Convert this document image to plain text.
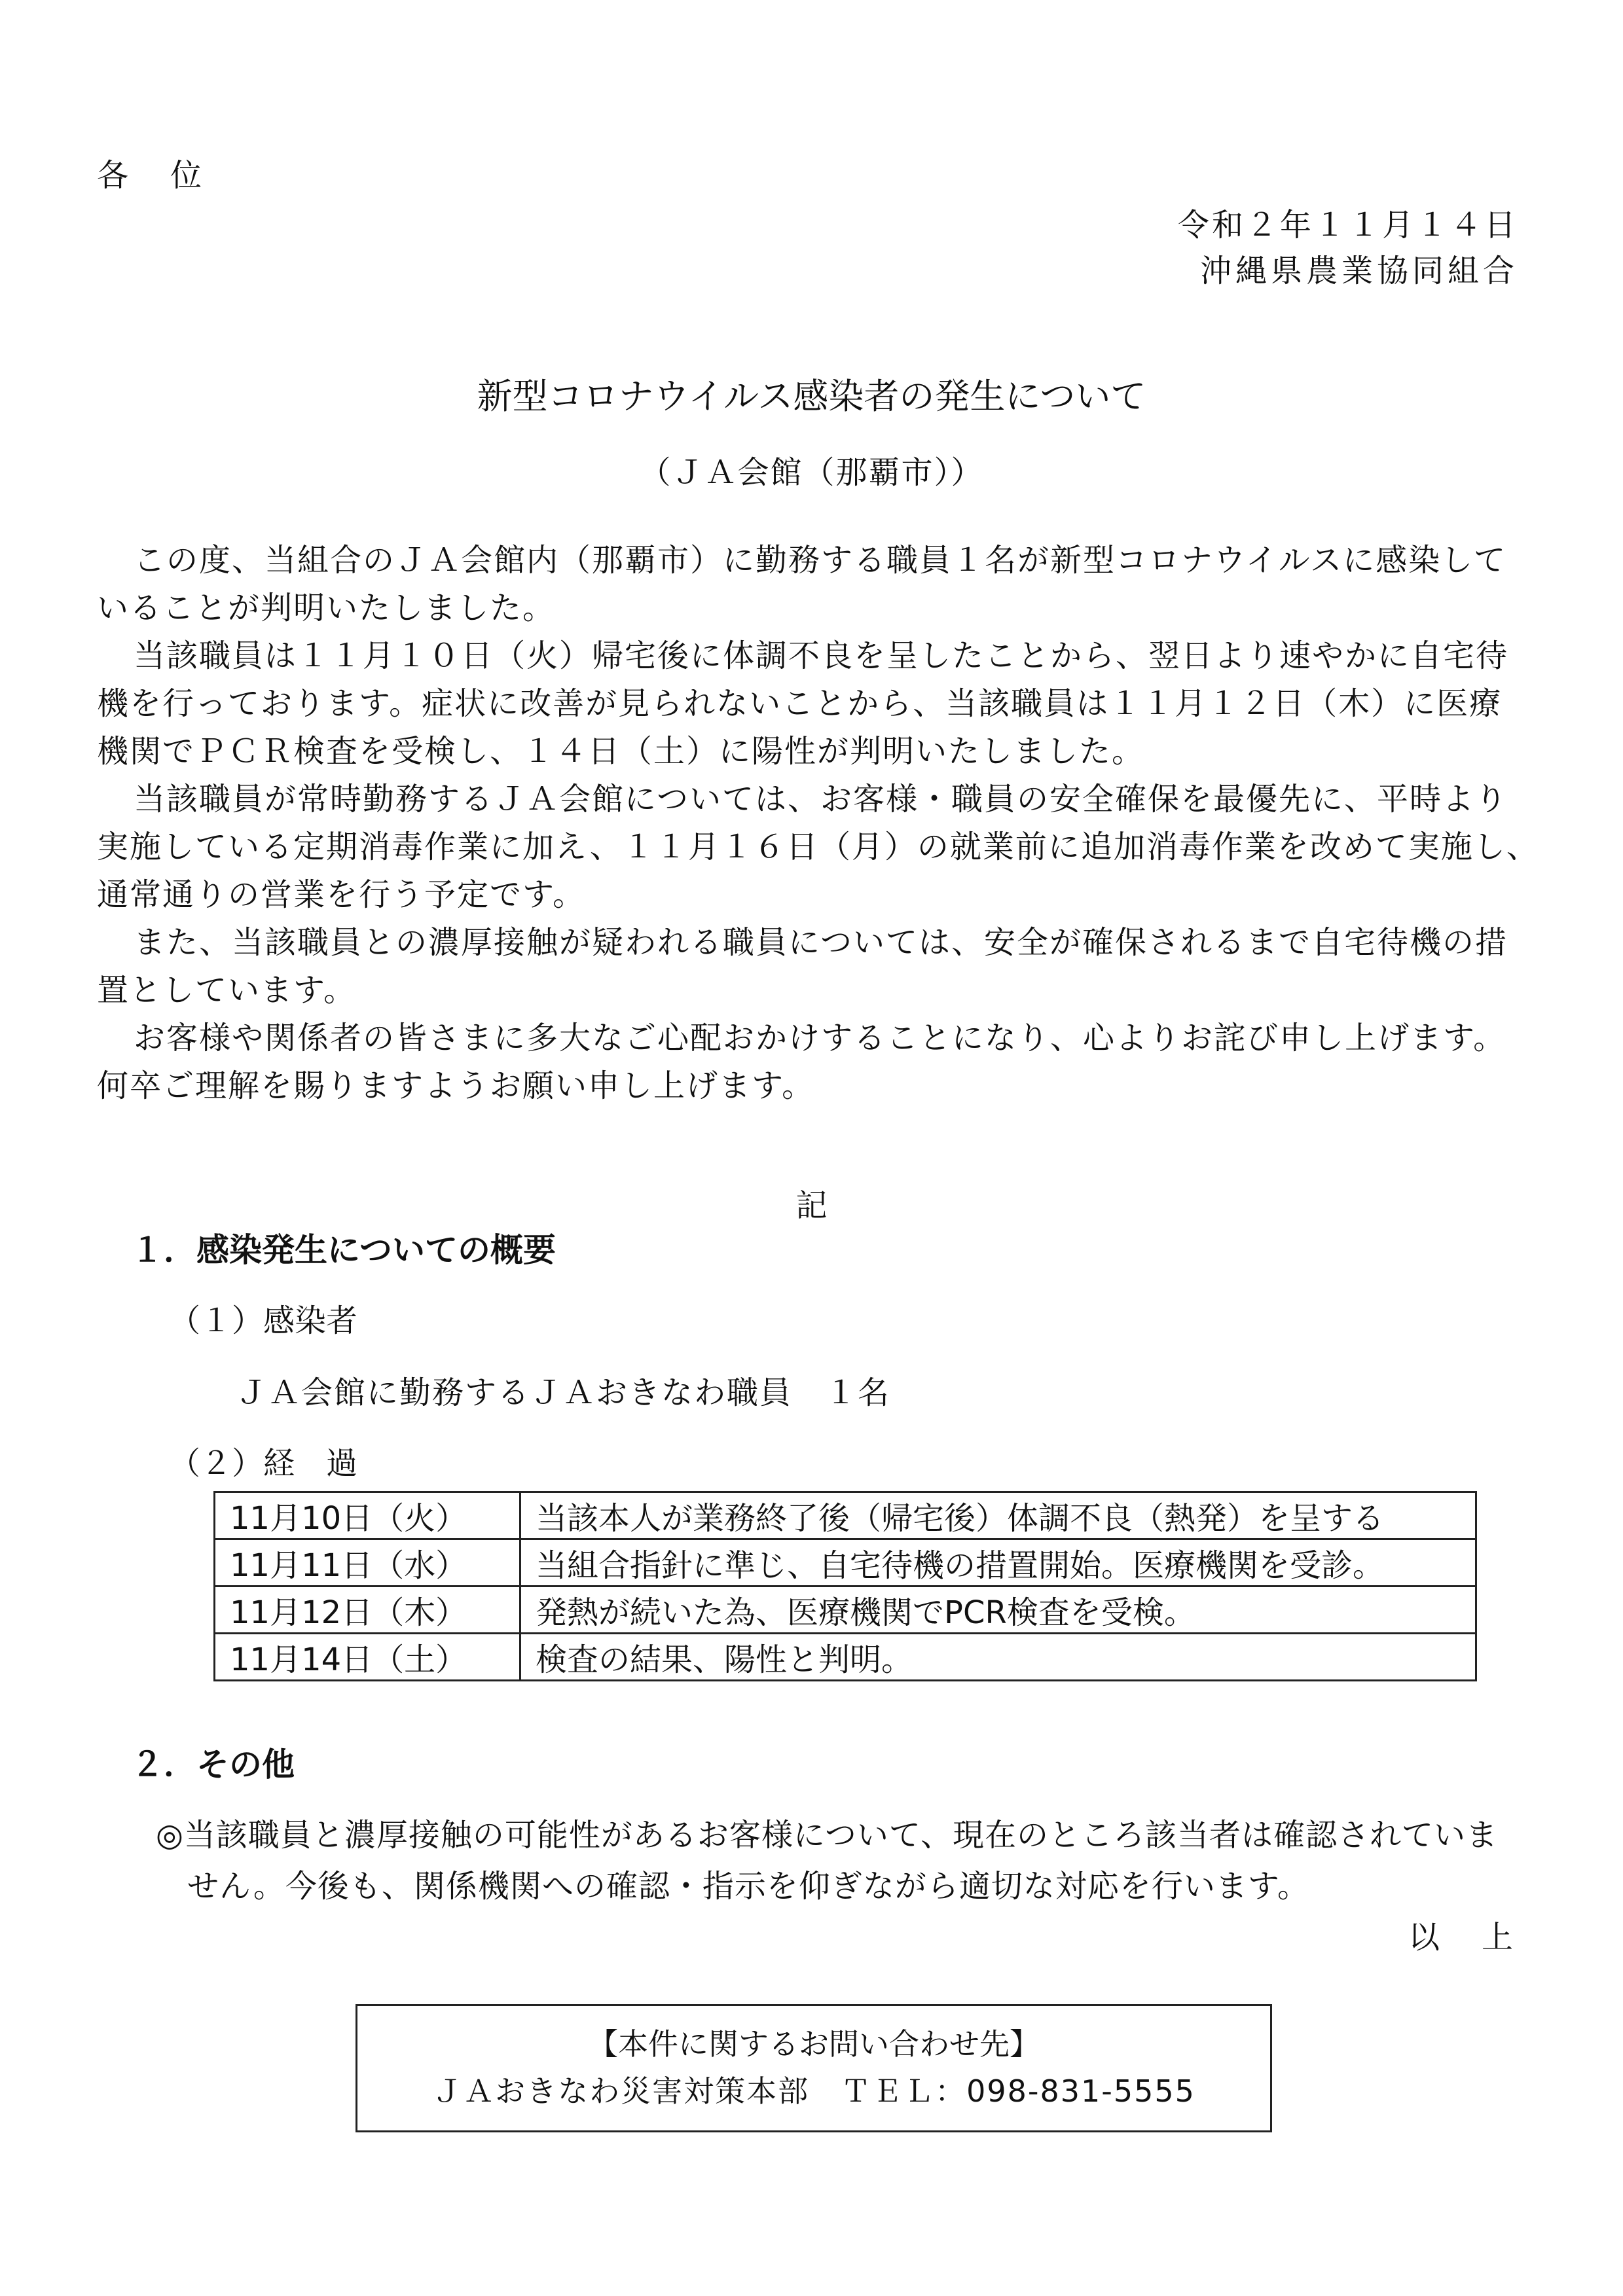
各　位
令和２年１１月１４日
沖縄県農業協同組合
新型コロナウイルス感染者の発生について
（ＪＡ会館（那覇市））

この度、当組合のＪＡ会館内（那覇市）に勤務する職員１名が新型コロナウイルスに感染して
いることが判明いたしました。

当該職員は１１月１０日（火）帰宅後に体調不良を呈したことから、翌日より速やかに自宅待
機を行っております。症状に改善が見られないことから、当該職員は１１月１２日（木）に医療
機関でＰＣＲ検査を受検し、１４日（土）に陽性が判明いたしました。

当該職員が常時勤務するＪＡ会館については、お客様・職員の安全確保を最優先に、平時より
実施している定期消毒作業に加え、１１月１６日（月）の就業前に追加消毒作業を改めて実施し、
通常通りの営業を行う予定です。

また、当該職員との濃厚接触が疑われる職員については、安全が確保されるまで自宅待機の措
置としています。

お客様や関係者の皆さまに多大なご心配おかけすることになり、心よりお詫び申し上げます。
何卒ご理解を賜りますようお願い申し上げます。

記
１．感染発生についての概要
（１）感染者
ＪＡ会館に勤務するＪＡおきなわ職員　１名
（２）経　過
11月10日（火）	当該本人が業務終了後（帰宅後）体調不良（熱発）を呈する
11月11日（水）	当組合指針に準じ、自宅待機の措置開始。医療機関を受診。
11月12日（木）	発熱が続いた為、医療機関でPCR検査を受検。
11月14日（土）	検査の結果、陽性と判明。
２．その他
◎当該職員と濃厚接触の可能性があるお客様について、現在のところ該当者は確認されていま
せん。今後も、関係機関への確認・指示を仰ぎながら適切な対応を行います。
以　上
【本件に関するお問い合わせ先】
ＪＡおきなわ災害対策本部　ＴＥＬ：098-831-5555
